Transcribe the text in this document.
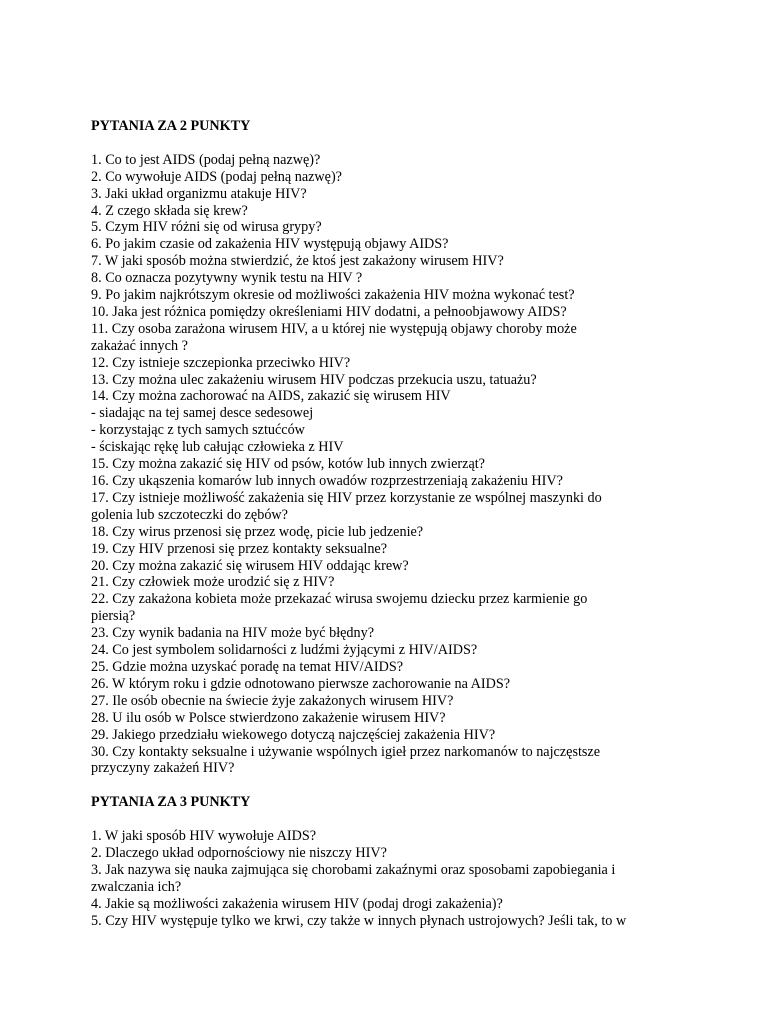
PYTANIA ZA 2 PUNKTY
1. Co to jest AIDS (podaj pełną nazwę)?
2. Co wywołuje AIDS (podaj pełną nazwę)?
3. Jaki układ organizmu atakuje HIV?
4. Z czego składa się krew?
5. Czym HIV różni się od wirusa grypy?
6. Po jakim czasie od zakażenia HIV występują objawy AIDS?
7. W jaki sposób można stwierdzić, że ktoś jest zakażony wirusem HIV?
8. Co oznacza pozytywny wynik testu na HIV ?
9. Po jakim najkrótszym okresie od możliwości zakażenia HIV można wykonać test?
10. Jaka jest różnica pomiędzy określeniami HIV dodatni, a pełnoobjawowy AIDS?
11. Czy osoba zarażona wirusem HIV, a u której nie występują objawy choroby może
zakażać innych ?
12. Czy istnieje szczepionka przeciwko HIV?
13. Czy można ulec zakażeniu wirusem HIV podczas przekucia uszu, tatuażu?
14. Czy można zachorować na AIDS, zakazić się wirusem HIV
- siadając na tej samej desce sedesowej
- korzystając z tych samych sztućców
- ściskając rękę lub całując człowieka z HIV
15. Czy można zakazić się HIV od psów, kotów lub innych zwierząt?
16. Czy ukąszenia komarów lub innych owadów rozprzestrzeniają zakażeniu HIV?
17. Czy istnieje możliwość zakażenia się HIV przez korzystanie ze wspólnej maszynki do
golenia lub szczoteczki do zębów?
18. Czy wirus przenosi się przez wodę, picie lub jedzenie?
19. Czy HIV przenosi się przez kontakty seksualne?
20. Czy można zakazić się wirusem HIV oddając krew?
21. Czy człowiek może urodzić się z HIV?
22. Czy zakażona kobieta może przekazać wirusa swojemu dziecku przez karmienie go
piersią?
23. Czy wynik badania na HIV może być błędny?
24. Co jest symbolem solidarności z ludźmi żyjącymi z HIV/AIDS?
25. Gdzie można uzyskać poradę na temat HIV/AIDS?
26. W którym roku i gdzie odnotowano pierwsze zachorowanie na AIDS?
27. Ile osób obecnie na świecie żyje zakażonych wirusem HIV?
28. U ilu osób w Polsce stwierdzono zakażenie wirusem HIV?
29. Jakiego przedziału wiekowego dotyczą najczęściej zakażenia HIV?
30. Czy kontakty seksualne i używanie wspólnych igieł przez narkomanów to najczęstsze
przyczyny zakażeń HIV?
PYTANIA ZA 3 PUNKTY
1. W jaki sposób HIV wywołuje AIDS?
2. Dlaczego układ odpornościowy nie niszczy HIV?
3. Jak nazywa się nauka zajmująca się chorobami zakaźnymi oraz sposobami zapobiegania i
zwalczania ich?
4. Jakie są możliwości zakażenia wirusem HIV (podaj drogi zakażenia)?
5. Czy HIV występuje tylko we krwi, czy także w innych płynach ustrojowych? Jeśli tak, to w
